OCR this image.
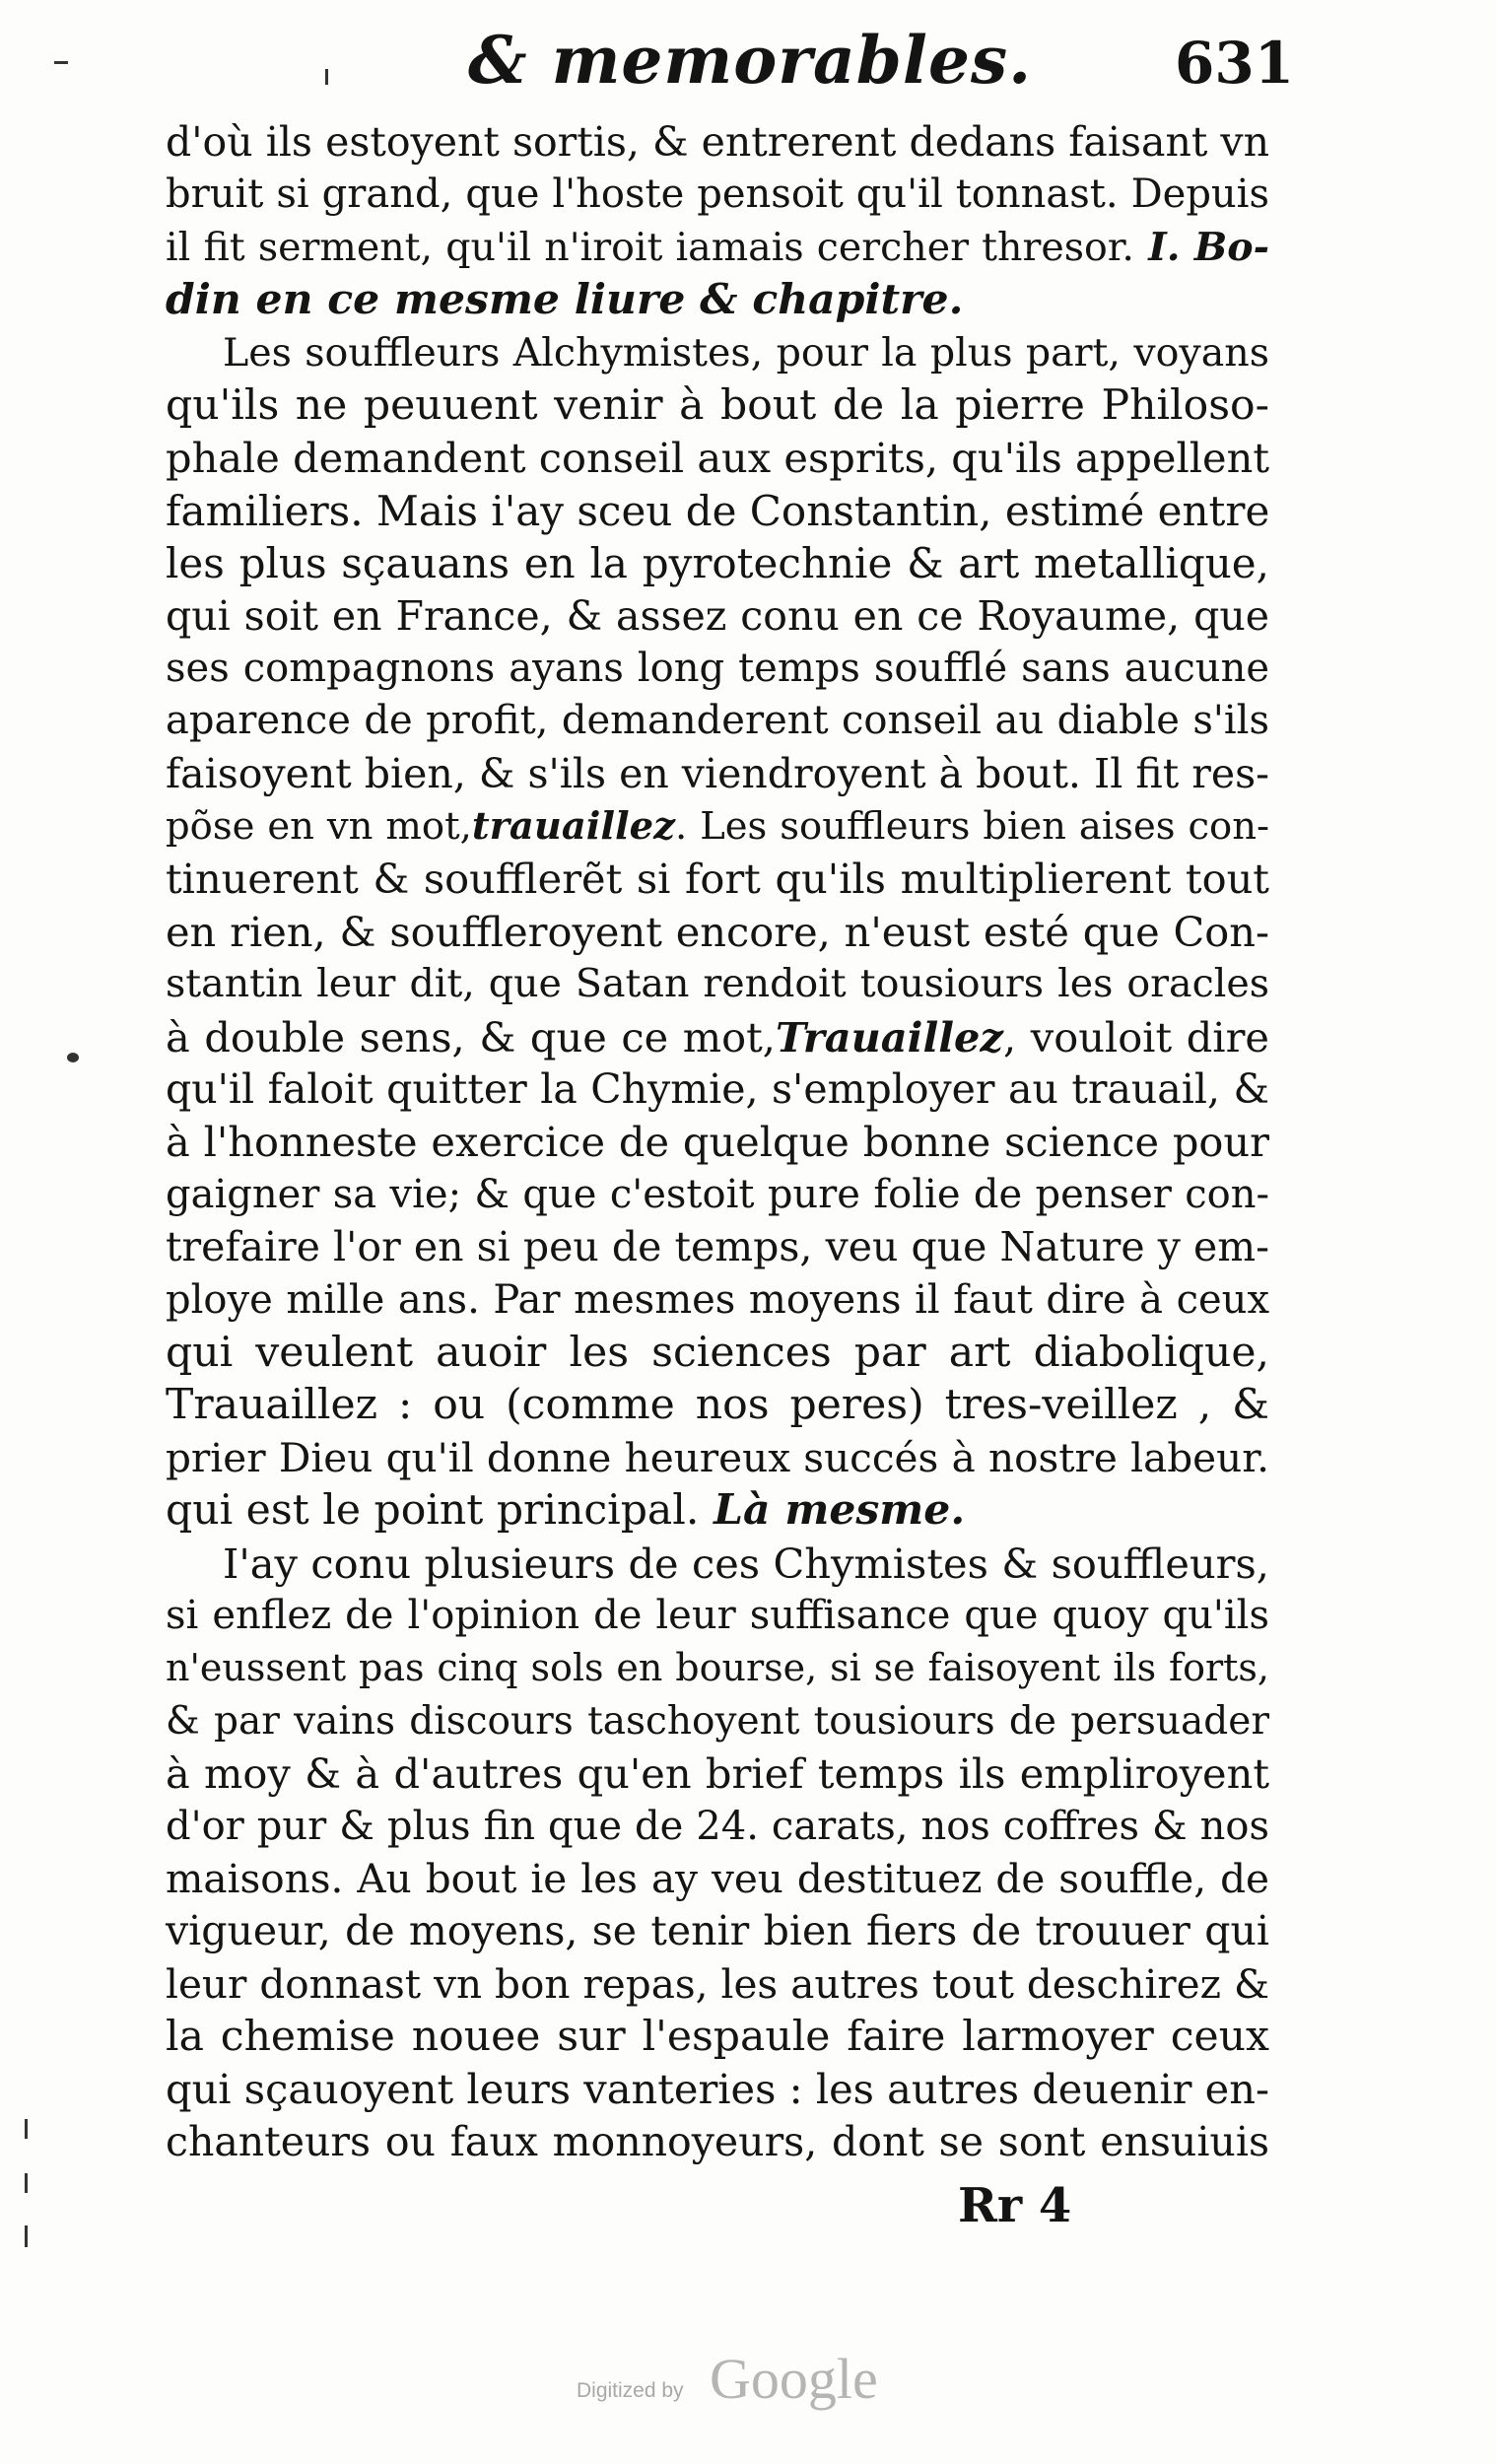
& memorables. 631
d'où ils estoyent sortis, & entrerent dedans faisant vn
bruit si grand, que l'hoste pensoit qu'il tonnast. Depuis
il fit serment, qu'il n'iroit iamais cercher thresor. I. Bo-
din en ce mesme liure & chapitre.
Les souffleurs Alchymistes, pour la plus part, voyans
qu'ils ne peuuent venir à bout de la pierre Philoso-
phale demandent conseil aux esprits, qu'ils appellent
familiers. Mais i'ay sceu de Constantin, estimé entre
les plus sçauans en la pyrotechnie & art metallique,
qui soit en France, & assez conu en ce Royaume, que
ses compagnons ayans long temps soufflé sans aucune
aparence de profit, demanderent conseil au diable s'ils
faisoyent bien, & s'ils en viendroyent à bout. Il fit res-
põse en vn mot,trauaillez. Les souffleurs bien aises con-
tinuerent & soufflerẽt si fort qu'ils multiplierent tout
en rien, & souffleroyent encore, n'eust esté que Con-
stantin leur dit, que Satan rendoit tousiours les oracles
à double sens, & que ce mot,Trauaillez, vouloit dire
qu'il faloit quitter la Chymie, s'employer au trauail, &
à l'honneste exercice de quelque bonne science pour
gaigner sa vie; & que c'estoit pure folie de penser con-
trefaire l'or en si peu de temps, veu que Nature y em-
ploye mille ans. Par mesmes moyens il faut dire à ceux
qui veulent auoir les sciences par art diabolique,
Trauaillez : ou (comme nos peres) tres-veillez , &
prier Dieu qu'il donne heureux succés à nostre labeur.
qui est le point principal. Là mesme.
I'ay conu plusieurs de ces Chymistes & souffleurs,
si enflez de l'opinion de leur suffisance que quoy qu'ils
n'eussent pas cinq sols en bourse, si se faisoyent ils forts,
& par vains discours taschoyent tousiours de persuader
à moy & à d'autres qu'en brief temps ils empliroyent
d'or pur & plus fin que de 24. carats, nos coffres & nos
maisons. Au bout ie les ay veu destituez de souffle, de
vigueur, de moyens, se tenir bien fiers de trouuer qui
leur donnast vn bon repas, les autres tout deschirez &
la chemise nouee sur l'espaule faire larmoyer ceux
qui sçauoyent leurs vanteries : les autres deuenir en-
chanteurs ou faux monnoyeurs, dont se sont ensuiuis
Rr 4
Digitized by Google
